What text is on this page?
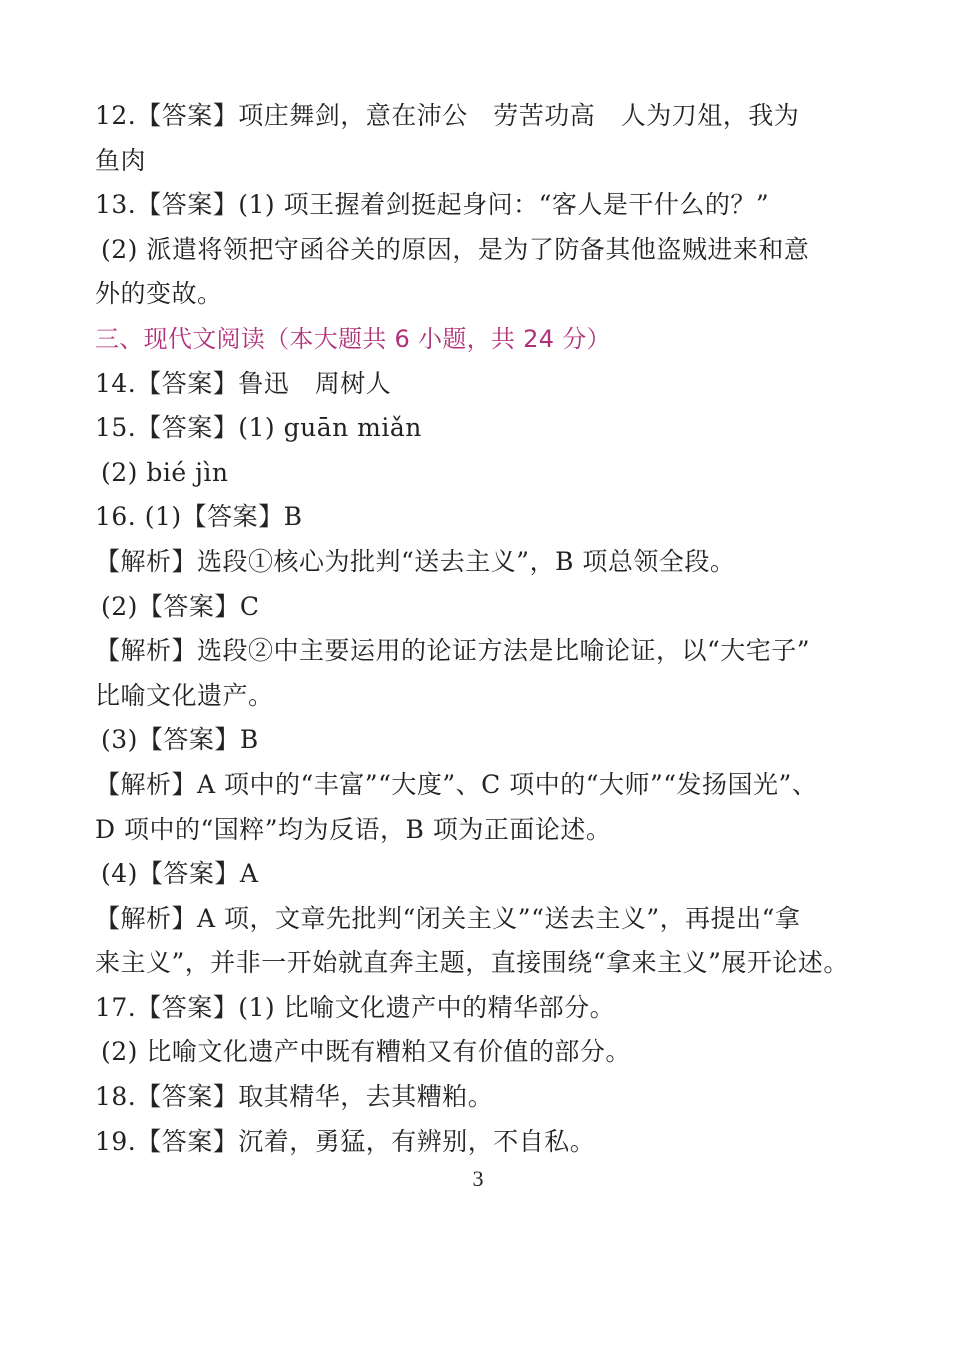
12.【答案】项庄舞剑，意在沛公　劳苦功高　人为刀俎，我为
鱼肉
13.【答案】(1) 项王握着剑挺起身问：“客人是干什么的？”
(2) 派遣将领把守函谷关的原因，是为了防备其他盗贼进来和意
外的变故。
三、现代文阅读（本大题共 6 小题，共 24 分）
14.【答案】鲁迅　周树人
15.【答案】(1) guān miǎn
(2) bié jìn
16. (1)【答案】B
【解析】选段①核心为批判“送去主义”，B 项总领全段。
(2)【答案】C
【解析】选段②中主要运用的论证方法是比喻论证，以“大宅子”
比喻文化遗产。
(3)【答案】B
【解析】A 项中的“丰富”“大度”、C 项中的“大师”“发扬国光”、
D 项中的“国粹”均为反语，B 项为正面论述。
(4)【答案】A
【解析】A 项，文章先批判“闭关主义”“送去主义”，再提出“拿
来主义”，并非一开始就直奔主题，直接围绕“拿来主义”展开论述。
17.【答案】(1) 比喻文化遗产中的精华部分。
(2) 比喻文化遗产中既有糟粕又有价值的部分。
18.【答案】取其精华，去其糟粕。
19.【答案】沉着，勇猛，有辨别，不自私。
3
